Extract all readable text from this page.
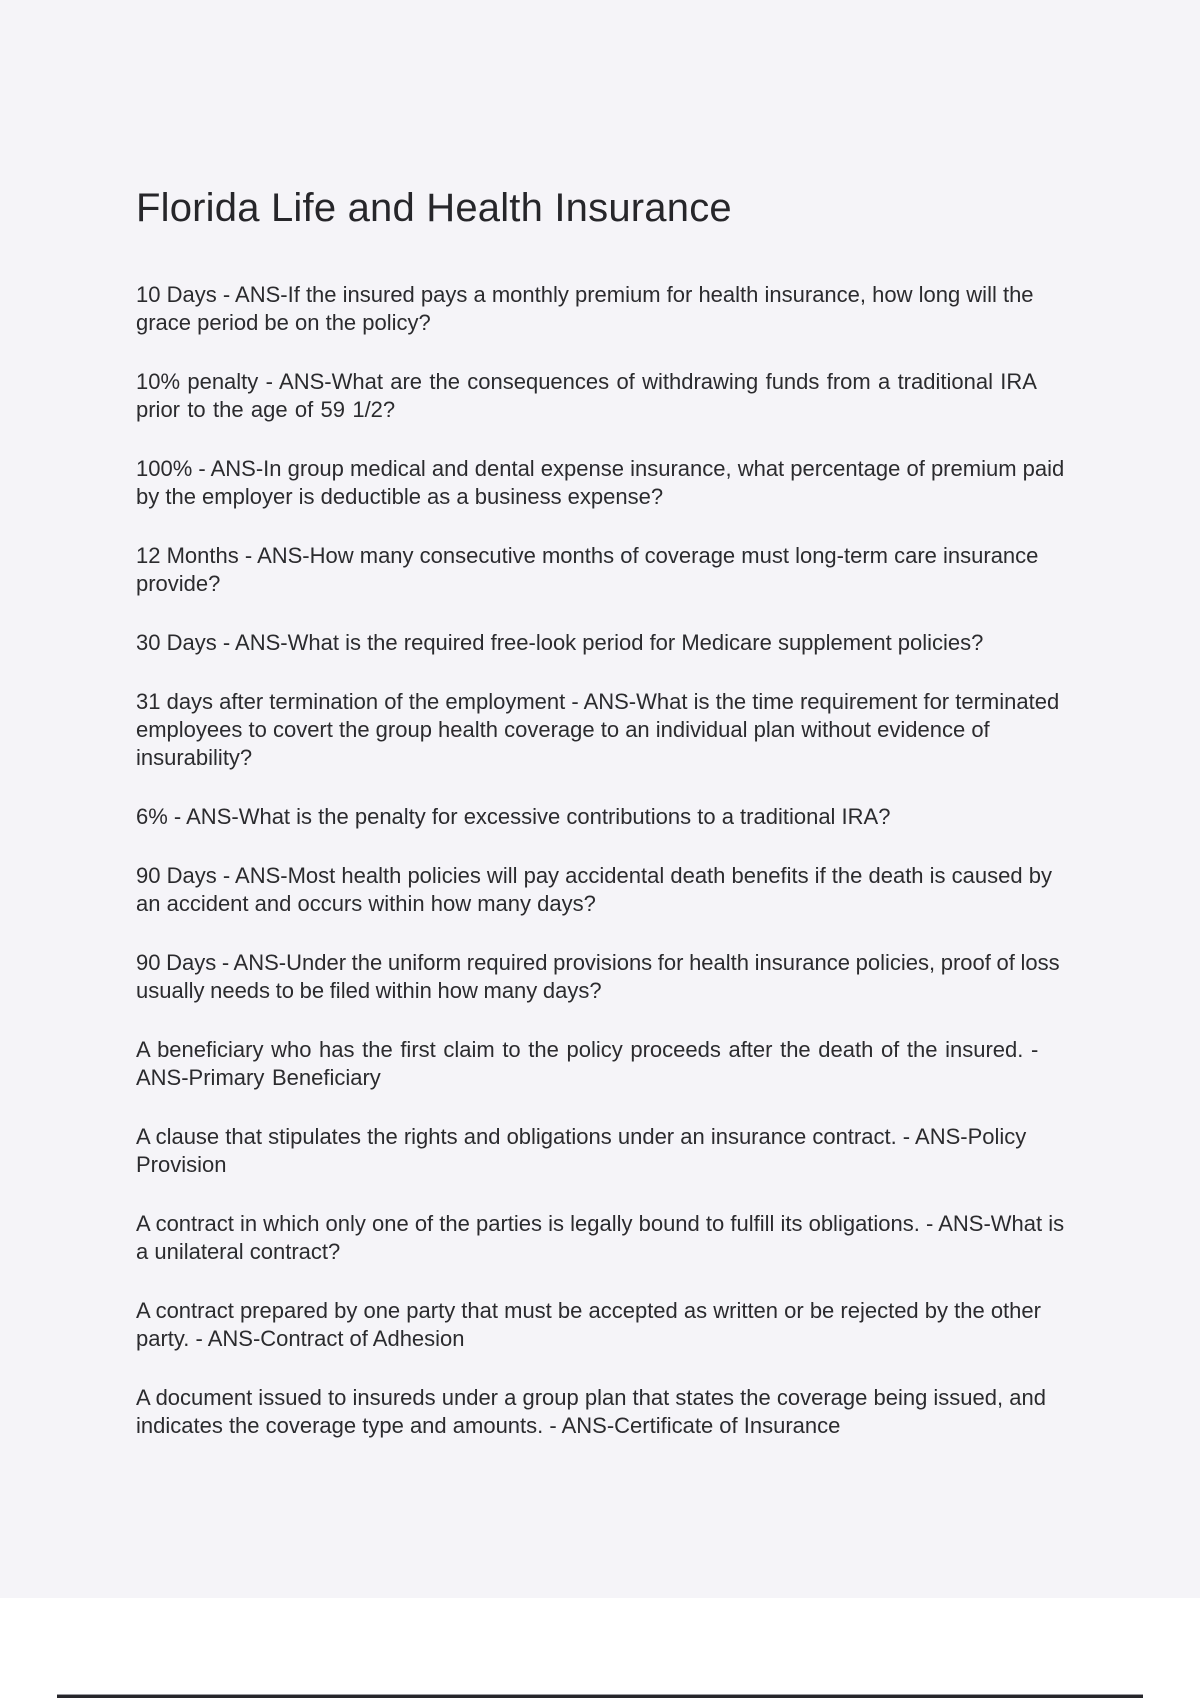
Florida Life and Health Insurance

10 Days - ANS-If the insured pays a monthly premium for health insurance, how long will the grace period be on the policy?

10% penalty - ANS-What are the consequences of withdrawing funds from a traditional IRA prior to the age of 59 1/2?

100% - ANS-In group medical and dental expense insurance, what percentage of premium paid by the employer is deductible as a business expense?

12 Months - ANS-How many consecutive months of coverage must long-term care insurance provide?

30 Days - ANS-What is the required free-look period for Medicare supplement policies?

31 days after termination of the employment - ANS-What is the time requirement for terminated employees to covert the group health coverage to an individual plan without evidence of insurability?

6% - ANS-What is the penalty for excessive contributions to a traditional IRA?

90 Days - ANS-Most health policies will pay accidental death benefits if the death is caused by an accident and occurs within how many days?

90 Days - ANS-Under the uniform required provisions for health insurance policies, proof of loss usually needs to be filed within how many days?

A beneficiary who has the first claim to the policy proceeds after the death of the insured. - ANS-Primary Beneficiary

A clause that stipulates the rights and obligations under an insurance contract. - ANS-Policy Provision

A contract in which only one of the parties is legally bound to fulfill its obligations. - ANS-What is a unilateral contract?

A contract prepared by one party that must be accepted as written or be rejected by the other party. - ANS-Contract of Adhesion

A document issued to insureds under a group plan that states the coverage being issued, and indicates the coverage type and amounts. - ANS-Certificate of Insurance
